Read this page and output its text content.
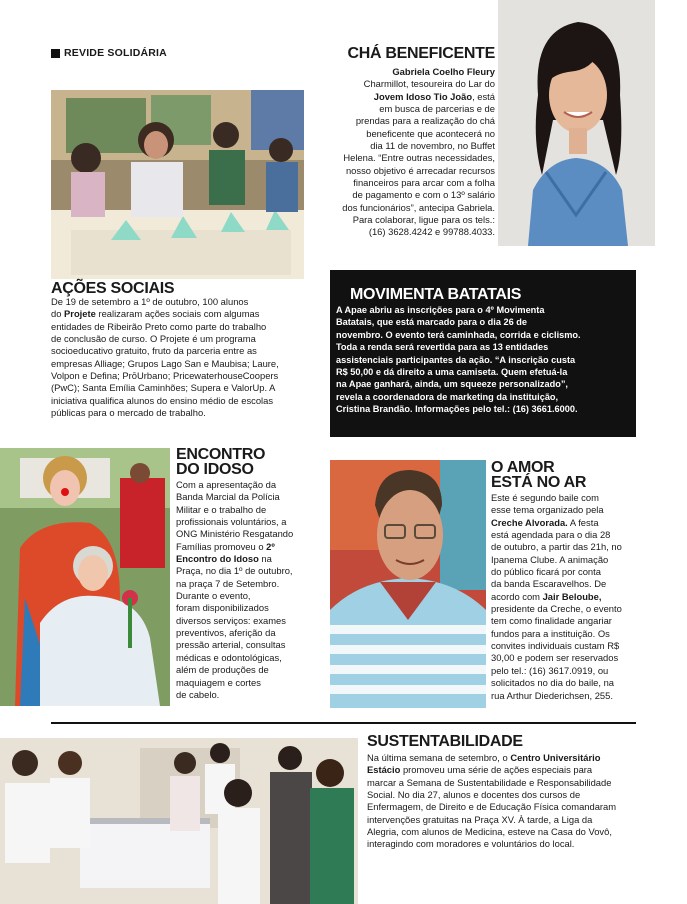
REVIDE SOLIDÁRIA	CHÁ BENEFICENTE
Gabriela Coelho Fleury
Charmillot, tesoureira do Lar do
Jovem Idoso Tio João, está
em busca de parcerias e de
prendas para a realização do chá
beneficente que acontecerá no
dia 11 de novembro, no Buffet
Helena. “Entre outras necessidades,
nosso objetivo é arrecadar recursos
financeiros para arcar com a folha
de pagamento e com o 13º salário
dos funcionários”, antecipa Gabriela.
Para colaborar, ligue para os tels.:
(16) 3628.4242 e 99788.4033.
AÇÕES SOCIAIS
De 19 de setembro a 1º de outubro, 100 alunos
do Projete realizaram ações sociais com algumas
entidades de Ribeirão Preto como parte do trabalho
de conclusão de curso. O Projete é um programa
socioeducativo gratuito, fruto da parceria entre as
empresas Alliage; Grupos Lago San e Maubisa; Laure,
Volpon e Defina; PrōUrbano; PricewaterhouseCoopers
(PwC); Santa Emília Caminhões; Supera e ValorUp. A
iniciativa qualifica alunos do ensino médio de escolas
públicas para o mercado de trabalho.
MOVIMENTA BATATAIS
A Apae abriu as inscrições para o 4º Movimenta
Batatais, que está marcado para o dia 26 de
novembro. O evento terá caminhada, corrida e ciclismo.
Toda a renda será revertida para as 13 entidades
assistenciais participantes da ação. “A inscrição custa
R$ 50,00 e dá direito a uma camiseta. Quem efetuá-la
na Apae ganhará, ainda, um squeeze personalizado”,
revela a coordenadora de marketing da instituição,
Cristina Brandão. Informações pelo tel.: (16) 3661.6000.
ENCONTRO
DO IDOSO
Com a apresentação da
Banda Marcial da Polícia
Militar e o trabalho de
profissionais voluntários, a
ONG Ministério Resgatando
Famílias promoveu o 2º
Encontro do Idoso na
Praça, no dia 1º de outubro,
na praça 7 de Setembro.
Durante o evento,
foram disponibilizados
diversos serviços: exames
preventivos, aferição da
pressão arterial, consultas
médicas e odontológicas,
além de produções de
maquiagem e cortes
de cabelo.
O AMOR
ESTÁ NO AR
Este é segundo baile com
esse tema organizado pela
Creche Alvorada. A festa
está agendada para o dia 28
de outubro, a partir das 21h, no
Ipanema Clube. A animação
do público ficará por conta
da banda Escaravelhos. De
acordo com Jair Beloube,
presidente da Creche, o evento
tem como finalidade angariar
fundos para a instituição. Os
convites individuais custam R$
30,00 e podem ser reservados
pelo tel.: (16) 3617.0919, ou
solicitados no dia do baile, na
rua Arthur Diederichsen, 255.
SUSTENTABILIDADE
Na última semana de setembro, o Centro Universitário
Estácio promoveu uma série de ações especiais para
marcar a Semana de Sustentabilidade e Responsabilidade
Social. No dia 27, alunos e docentes dos cursos de
Enfermagem, de Direito e de Educação Física comandaram
intervenções gratuitas na Praça XV. À tarde, a Liga da
Alegria, com alunos de Medicina, esteve na Casa do Vovô,
interagindo com moradores e voluntários do local.
